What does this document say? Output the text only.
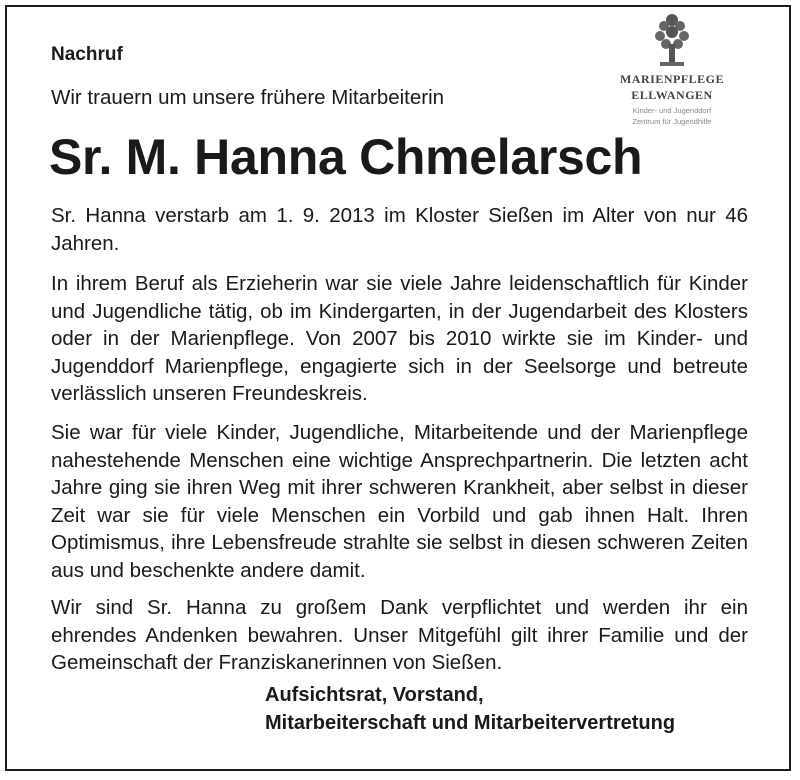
Nachruf
Wir trauern um unsere frühere Mitarbeiterin
Sr. M. Hanna Chmelarsch
MARIENPFLEGE
ELLWANGEN
Kinder- und Jugenddorf
Zentrum für Jugendhilfe

Sr. Hanna verstarb am 1. 9. 2013 im Kloster Sießen im Alter von nur 46 Jahren.

In ihrem Beruf als Erzieherin war sie viele Jahre leidenschaftlich für Kinder und Jugendliche tätig, ob im Kindergarten, in der Jugendarbeit des Klosters oder in der Marienpflege. Von 2007 bis 2010 wirkte sie im Kinder- und Jugenddorf Marienpflege, engagierte sich in der Seelsorge und betreute verlässlich unseren Freundeskreis.

Sie war für viele Kinder, Jugendliche, Mitarbeitende und der Marienpflege nahestehende Menschen eine wichtige Ansprechpartnerin. Die letzten acht Jahre ging sie ihren Weg mit ihrer schweren Krankheit, aber selbst in dieser Zeit war sie für viele Menschen ein Vorbild und gab ihnen Halt. Ihren Optimismus, ihre Lebensfreude strahlte sie selbst in diesen schweren Zeiten aus und beschenkte andere damit.

Wir sind Sr. Hanna zu großem Dank verpflichtet und werden ihr ein ehrendes Andenken bewahren. Unser Mitgefühl gilt ihrer Familie und der Gemeinschaft der Franziskanerinnen von Sießen.

Aufsichtsrat, Vorstand,
Mitarbeiterschaft und Mitarbeitervertretung
